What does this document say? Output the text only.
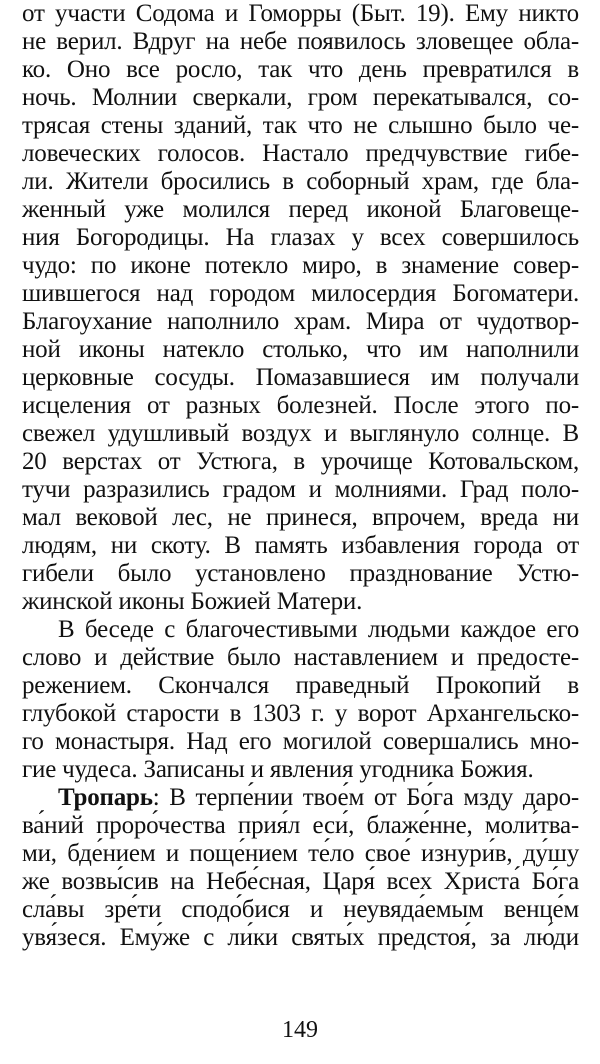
от участи Содома и Гоморры (Быт. 19). Ему никто
не верил. Вдруг на небе появилось зловещее обла-
ко. Оно все росло, так что день превратился в
ночь. Молнии сверкали, гром перекатывался, со-
трясая стены зданий, так что не слышно было че-
ловеческих голосов. Настало предчувствие гибе-
ли. Жители бросились в соборный храм, где бла-
женный уже молился перед иконой Благовеще-
ния Богородицы. На глазах у всех совершилось
чудо: по иконе потекло миро, в знамение совер-
шившегося над городом милосердия Богоматери.
Благоухание наполнило храм. Мира от чудотвор-
ной иконы натекло столько, что им наполнили
церковные сосуды. Помазавшиеся им получали
исцеления от разных болезней. После этого по-
свежел удушливый воздух и выглянуло солнце. В
20 верстах от Устюга, в урочище Котовальском,
тучи разразились градом и молниями. Град поло-
мал вековой лес, не принеся, впрочем, вреда ни
людям, ни скоту. В память избавления города от
гибели было установлено празднование Устю-
жинской иконы Божией Матери.
В беседе с благочестивыми людьми каждое его
слово и действие было наставлением и предосте-
режением. Скончался праведный Прокопий в
глубокой старости в 1303 г. у ворот Архангельско-
го монастыря. Над его могилой совершались мно-
гие чудеса. Записаны и явления угодника Божия.
Тропарь: В терпе́нии твое́м от Бо́га мзду даро-
ва́ний проро́чества прия́л еси́, блаже́нне, моли́тва-
ми, бде́нием и поще́нием те́ло свое́ изнури́в, ду́шу
же возвы́сив на Небе́сная, Царя́ всех Христа́ Бо́га
сла́вы зре́ти сподо́бися и неувяда́емым венце́м
увя́зеся. Ему́же с ли́ки святы́х предстоя́, за лю́ди
149
